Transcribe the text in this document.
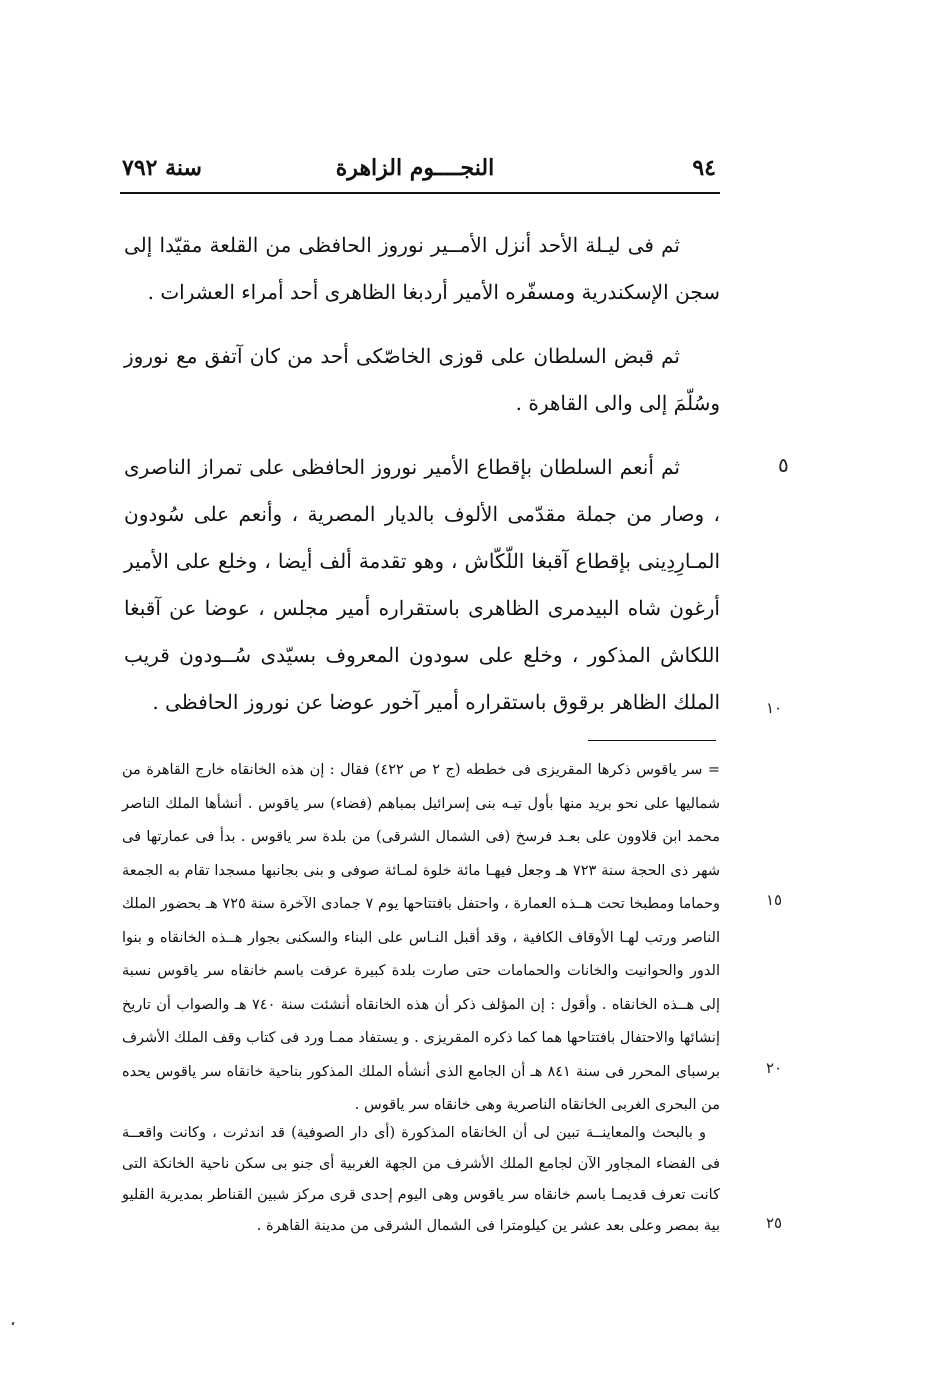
٩٤
النجــــوم الزاهرة
سنة ٧٩٢

ثم فى ليـلة الأحد أنزل الأمــير نوروز الحافظى من القلعة مقيّدا إلى سجن الإسكندرية ومسفّره الأمير أردبغا الظاهرى أحد أمراء العشرات .

ثم قبض السلطان على قوزى الخاصّكى أحد من كان آتفق مع نوروز وسُلّمَ إلى والى القاهرة .

ثم أنعم السلطان بإقطاع الأمير نوروز الحافظى على تمراز الناصرى ، وصار من جملة مقدّمى الألوف بالديار المصرية ، وأنعم على سُودون المـارِدِينى بإقطاع آقبغا اللّكّاش ، وهو تقدمة ألف أيضا ، وخلع على الأمير أرغون شاه البيدمرى الظاهرى باستقراره أمير مجلس ، عوضا عن آقبغا اللكاش المذكور ، وخلع على سودون المعروف بسيّدى سُــودون قريب الملك الظاهر برقوق باستقراره أمير آخور عوضا عن نوروز الحافظى .

٥
١٠
١٥
٢٠
٢٥

= سر ياقوس ذكرها المقريزى فى خططه (ج ٢ ص ٤٢٢) فقال : إن هذه الخانقاه خارج القاهرة من شماليها على نحو بريد منها بأول تيـه بنى إسرائيل بمباهم (فضاء) سر ياقوس . أنشأها الملك الناصر محمد ابن قلاوون على بعـد فرسخ (فى الشمال الشرقى) من بلدة سر ياقوس . بدأ فى عمارتها فى شهر ذى الحجة سنة ٧٢٣ هـ وجعل فيهـا مائة خلوة لمـائة صوفى و بنى بجانبها مسجدا تقام به الجمعة وحماما ومطبخا تحت هــذه العمارة ، واحتفل بافتتاحها يوم ٧ جمادى الآخرة سنة ٧٢٥ هـ بحضور الملك الناصر ورتب لهـا الأوقاف الكافية ، وقد أقبل النـاس على البناء والسكنى بجوار هــذه الخانقاه و بنوا الدور والحوانيت والخانات والحمامات حتى صارت بلدة كبيرة عرفت باسم خانقاه سر ياقوس نسبة إلى هــذه الخانقاه . وأقول : إن المؤلف ذكر أن هذه الخانقاه أنشئت سنة ٧٤٠ هـ والصواب أن تاريخ إنشائها والاحتفال بافتتاحها هما كما ذكره المقريزى . و يستفاد ممـا ورد فى كتاب وقف الملك الأشرف برسباى المحرر فى سنة ٨٤١ هـ أن الجامع الذى أنشأه الملك المذكور بناحية خانقاه سر ياقوس يحده من البحرى الغربى الخانقاه الناصرية وهى خانقاه سر ياقوس .

و بالبحث والمعاينــة تبين لى أن الخانقاه المذكورة (أى دار الصوفية) قد اندثرت ، وكانت واقعــة فى الفضاء المجاور الآن لجامع الملك الأشرف من الجهة الغربية أى جنو بى سكن ناحية الخانكة التى كانت تعرف قديمـا باسم خانقاه سر ياقوس وهى اليوم إحدى قرى مركز شبين القناطر بمديرية القليو بية بمصر وعلى بعد عشر ين كيلومترا فى الشمال الشرقى من مدينة القاهرة .
